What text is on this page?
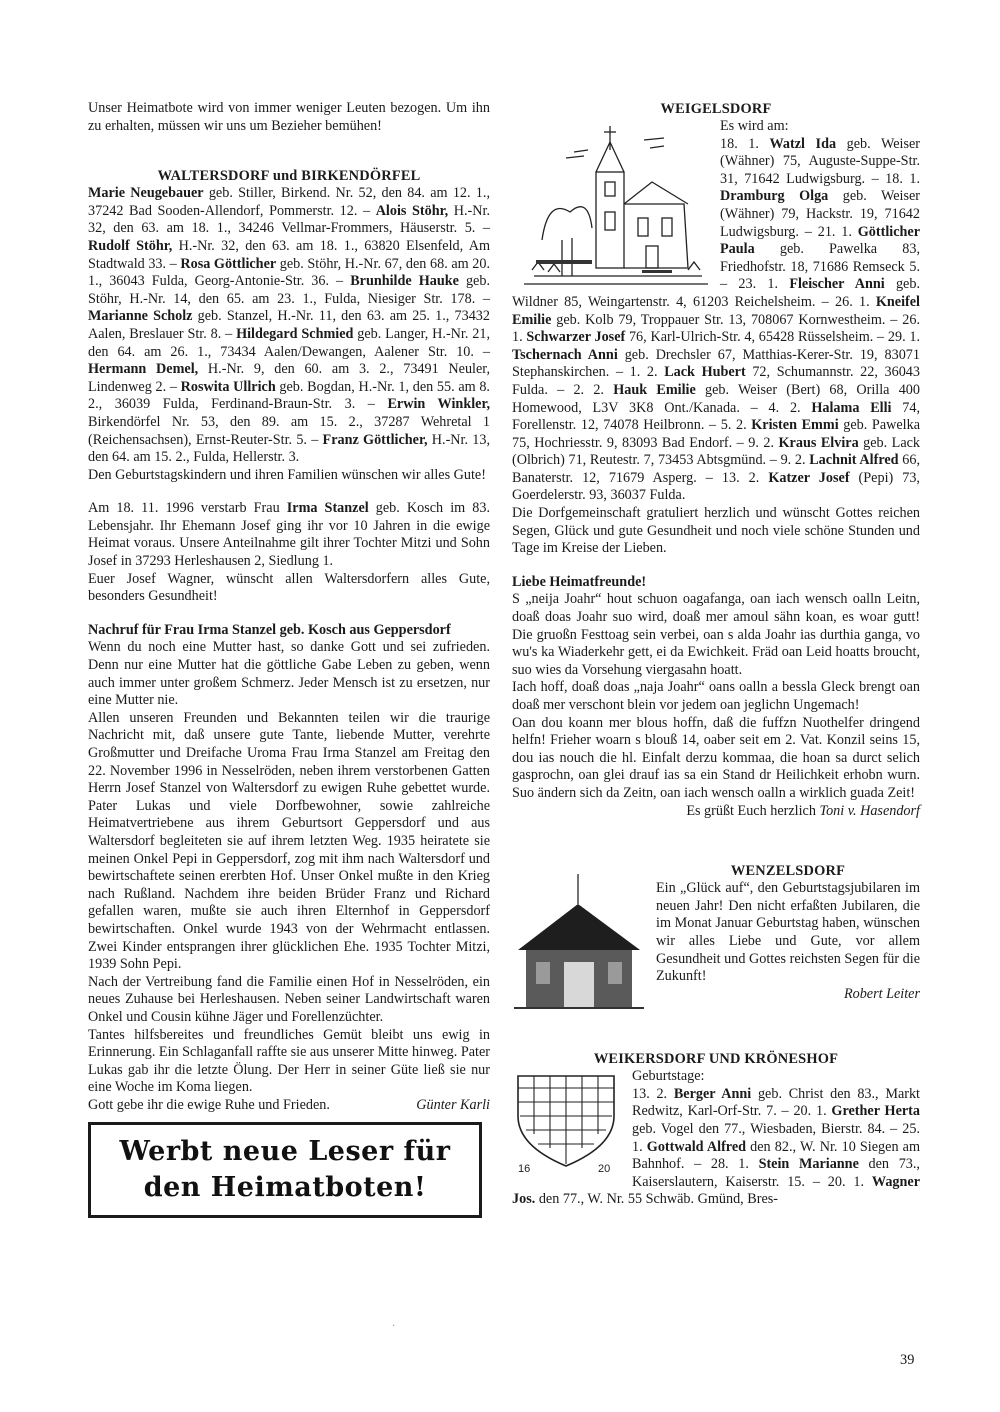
Unser Heimatbote wird von immer weniger Leuten bezogen. Um ihn zu erhalten, müssen wir uns um Bezieher bemühen!

WALTERSDORF und BIRKENDÖRFEL

Marie Neugebauer geb. Stiller, Birkend. Nr. 52, den 84. am 12. 1., 37242 Bad Sooden-Allendorf, Pommerstr. 12. – Alois Stöhr, H.-Nr. 32, den 63. am 18. 1., 34246 Vellmar-Frommers, Häuserstr. 5. – Rudolf Stöhr, H.-Nr. 32, den 63. am 18. 1., 63820 Elsenfeld, Am Stadtwald 33. – Rosa Göttlicher geb. Stöhr, H.-Nr. 67, den 68. am 20. 1., 36043 Fulda, Georg-Antonie-Str. 36. – Brunhilde Hauke geb. Stöhr, H.-Nr. 14, den 65. am 23. 1., Fulda, Niesiger Str. 178. – Marianne Scholz geb. Stanzel, H.-Nr. 11, den 63. am 25. 1., 73432 Aalen, Breslauer Str. 8. – Hildegard Schmied geb. Langer, H.-Nr. 21, den 64. am 26. 1., 73434 Aalen/Dewangen, Aalener Str. 10. – Hermann Demel, H.-Nr. 9, den 60. am 3. 2., 73491 Neuler, Lindenweg 2. – Roswita Ullrich geb. Bogdan, H.-Nr. 1, den 55. am 8. 2., 36039 Fulda, Ferdinand-Braun-Str. 3. – Erwin Winkler, Birkendörfel Nr. 53, den 89. am 15. 2., 37287 Wehretal 1 (Reichensachsen), Ernst-Reuter-Str. 5. – Franz Göttlicher, H.-Nr. 13, den 64. am 15. 2., Fulda, Hellerstr. 3.

Den Geburtstagskindern und ihren Familien wünschen wir alles Gute!

Am 18. 11. 1996 verstarb Frau Irma Stanzel geb. Kosch im 83. Lebensjahr. Ihr Ehemann Josef ging ihr vor 10 Jahren in die ewige Heimat voraus. Unsere Anteilnahme gilt ihrer Tochter Mitzi und Sohn Josef in 37293 Herleshausen 2, Siedlung 1.

Euer Josef Wagner, wünscht allen Waltersdorfern alles Gute, besonders Gesundheit!

Nachruf für Frau Irma Stanzel geb. Kosch aus Geppersdorf

Wenn du noch eine Mutter hast, so danke Gott und sei zufrieden. Denn nur eine Mutter hat die göttliche Gabe Leben zu geben, wenn auch immer unter großem Schmerz. Jeder Mensch ist zu ersetzen, nur eine Mutter nie.

Allen unseren Freunden und Bekannten teilen wir die traurige Nachricht mit, daß unsere gute Tante, liebende Mutter, verehrte Großmutter und Dreifache Uroma Frau Irma Stanzel am Freitag den 22. November 1996 in Nesselröden, neben ihrem verstorbenen Gatten Herrn Josef Stanzel von Waltersdorf zu ewigen Ruhe gebettet wurde. Pater Lukas und viele Dorfbewohner, sowie zahlreiche Heimatvertriebene aus ihrem Geburtsort Geppersdorf und aus Waltersdorf begleiteten sie auf ihrem letzten Weg. 1935 heiratete sie meinen Onkel Pepi in Geppersdorf, zog mit ihm nach Waltersdorf und bewirtschaftete seinen ererbten Hof. Unser Onkel mußte in den Krieg nach Rußland. Nachdem ihre beiden Brüder Franz und Richard gefallen waren, mußte sie auch ihren Elternhof in Geppersdorf bewirtschaften. Onkel wurde 1943 von der Wehrmacht entlassen. Zwei Kinder entsprangen ihrer glücklichen Ehe. 1935 Tochter Mitzi, 1939 Sohn Pepi.

Nach der Vertreibung fand die Familie einen Hof in Nesselröden, ein neues Zuhause bei Herleshausen. Neben seiner Landwirtschaft waren Onkel und Cousin kühne Jäger und Forellenzüchter.

Tantes hilfsbereites und freundliches Gemüt bleibt uns ewig in Erinnerung. Ein Schlaganfall raffte sie aus unserer Mitte hinweg. Pater Lukas gab ihr die letzte Ölung. Der Herr in seiner Güte ließ sie nur eine Woche im Koma liegen.

Gott gebe ihr die ewige Ruhe und Frieden.	Günter Karli
Werbt neue Leser für
den Heimatboten!
WEIGELSDORF

Es wird am:

18. 1. Watzl Ida geb. Weiser (Wähner) 75, Auguste-Suppe-Str. 31, 71642 Ludwigsburg. – 18. 1. Dramburg Olga geb. Weiser (Wähner) 79, Hackstr. 19, 71642 Ludwigsburg. – 21. 1. Göttlicher Paula geb. Pawelka 83, Friedhofstr. 18, 71686 Remseck 5. – 23. 1. Fleischer Anni geb. Wildner 85, Weingartenstr. 4, 61203 Reichelsheim. – 26. 1. Kneifel Emilie geb. Kolb 79, Troppauer Str. 13, 708067 Kornwestheim. – 26. 1. Schwarzer Josef 76, Karl-Ulrich-Str. 4, 65428 Rüsselsheim. – 29. 1. Tschernach Anni geb. Drechsler 67, Matthias-Kerer-Str. 19, 83071 Stephanskirchen. – 1. 2. Lack Hubert 72, Schumannstr. 22, 36043 Fulda. – 2. 2. Hauk Emilie geb. Weiser (Bert) 68, Orilla 400 Homewood, L3V 3K8 Ont./Kanada. – 4. 2. Halama Elli 74, Forellenstr. 12, 74078 Heilbronn. – 5. 2. Kristen Emmi geb. Pawelka 75, Hochriesstr. 9, 83093 Bad Endorf. – 9. 2. Kraus Elvira geb. Lack (Olbrich) 71, Reutestr. 7, 73453 Abtsgmünd. – 9. 2. Lachnit Alfred 66, Banaterstr. 12, 71679 Asperg. – 13. 2. Katzer Josef (Pepi) 73, Goerdelerstr. 93, 36037 Fulda.

Die Dorfgemeinschaft gratuliert herzlich und wünscht Gottes reichen Segen, Glück und gute Gesundheit und noch viele schöne Stunden und Tage im Kreise der Lieben.

Liebe Heimatfreunde!

S „neija Joahr“ hout schuon oagafanga, oan iach wensch oalln Leitn, doaß doas Joahr suo wird, doaß mer amoul sähn koan, es woar gutt! Die gruoßn Festtoag sein verbei, oan s alda Joahr ias durthia ganga, vo wu's ka Wiaderkehr gett, ei da Ewichkeit. Fräd oan Leid hoatts broucht, suo wies da Vorsehung viergasahn hoatt.

Iach hoff, doaß doas „naja Joahr“ oans oalln a bessla Gleck brengt oan doaß mer verschont blein vor jedem oan jeglichn Ungemach!

Oan dou koann mer blous hoffn, daß die fuffzn Nuothelfer dringend helfn! Frieher woarn s blouß 14, oaber seit em 2. Vat. Konzil seins 15, dou ias nouch die hl. Einfalt derzu kommaa, die hoan sa durct selich gasprochn, oan glei drauf ias sa ein Stand dr Heilichkeit erhobn wurn. Suo ändern sich da Zeitn, oan iach wensch oalln a wirklich guada Zeit!

Es grüßt Euch herzlich Toni v. Hasendorf

WENZELSDORF

Ein „Glück auf“, den Geburtstagsjubilaren im neuen Jahr! Den nicht erfaßten Jubilaren, die im Monat Januar Geburtstag haben, wünschen wir alles Liebe und Gute, vor allem Gesundheit und Gottes reichsten Segen für die Zukunft!

Robert Leiter

WEIKERSDORF UND KRÖNESHOF
16	20

Geburtstage:

13. 2. Berger Anni geb. Christ den 83., Markt Redwitz, Karl-Orf-Str. 7. – 20. 1. Grether Herta geb. Vogel den 77., Wiesbaden, Bierstr. 84. – 25. 1. Gottwald Alfred den 82., W. Nr. 10 Siegen am Bahnhof. – 28. 1. Stein Marianne den 73., Kaiserslautern, Kaiserstr. 15. – 20. 1. Wagner Jos. den 77., W. Nr. 55 Schwäb. Gmünd, Bres-

·
39
